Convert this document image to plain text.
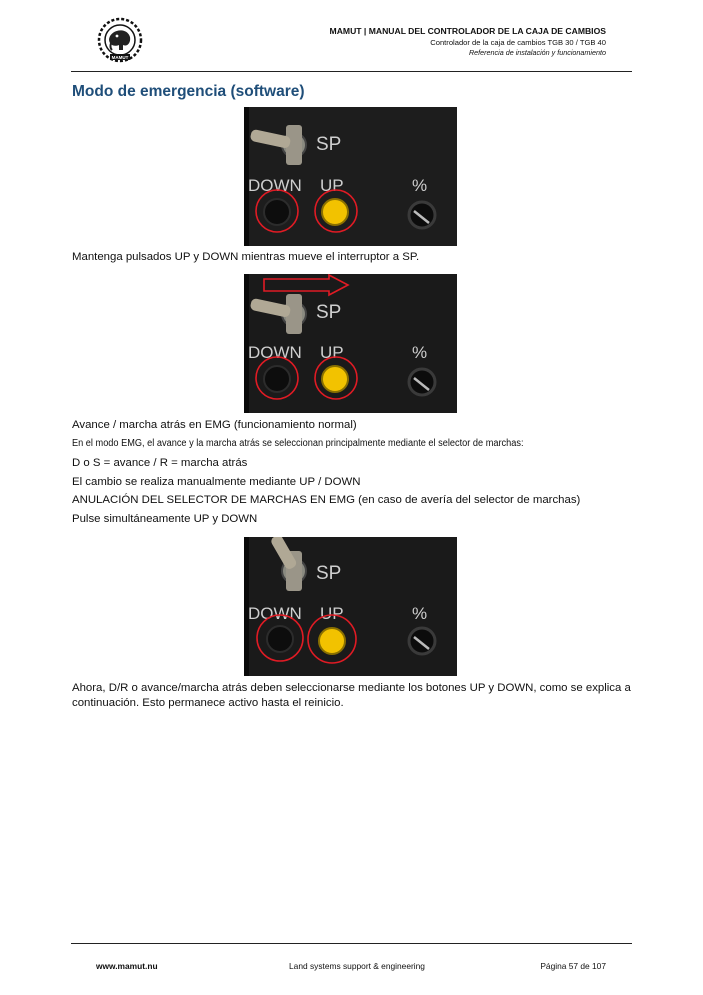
MAMUT
MAMUT | MANUAL DEL CONTROLADOR DE LA CAJA DE CAMBIOS
Controlador de la caja de cambios TGB 30 / TGB 40
Referencia de instalación y funcionamiento
Modo de emergencia (software)
SP
DOWN UP	%
Mantenga pulsados UP y DOWN mientras mueve el interruptor a SP.
SP
DOWN UP	%
Avance / marcha atrás en EMG (funcionamiento normal)
En el modo EMG, el avance y la marcha atrás se seleccionan principalmente mediante el selector de marchas:
D o S = avance / R = marcha atrás
El cambio se realiza manualmente mediante UP / DOWN
ANULACIÓN DEL SELECTOR DE MARCHAS EN EMG (en caso de avería del selector de marchas)
Pulse simultáneamente UP y DOWN
SP
DOWN UP	%
Ahora, D/R o avance/marcha atrás deben seleccionarse mediante los botones UP y DOWN, como se explica a continuación. Esto permanece activo hasta el reinicio.
www.mamut.nu	Land systems support & engineering	Página 57 de 107
